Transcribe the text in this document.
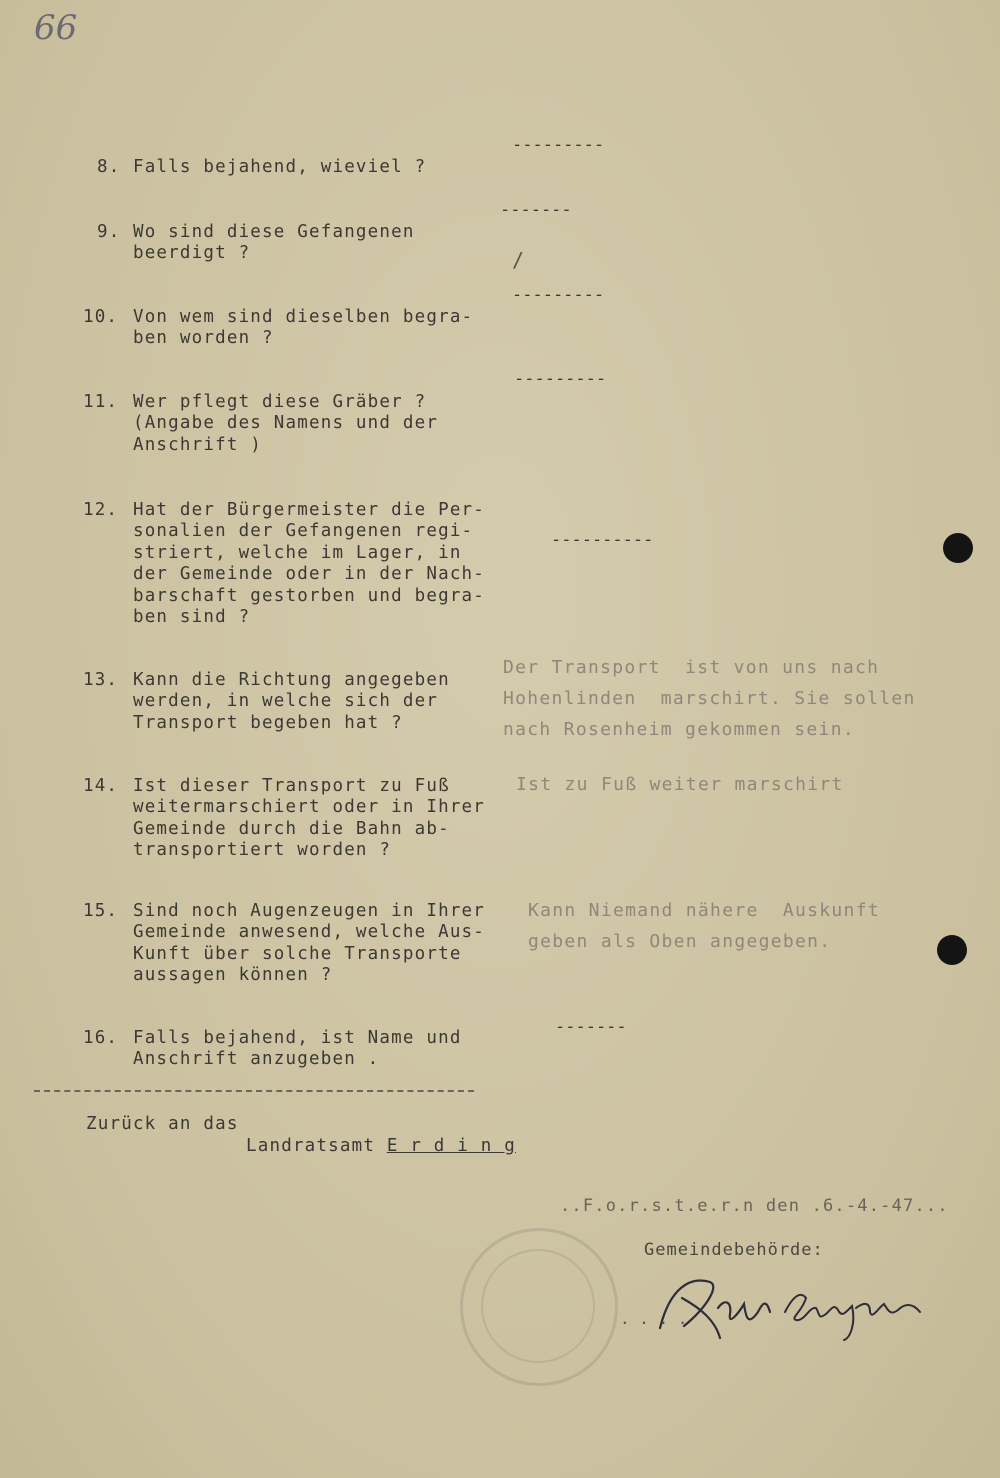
66

8. Falls bejahend, wieviel ?

---------

9. Wo sind diese Gefangenen
beerdigt ?

-------

10. Von wem sind dieselben begra-
ben worden ?

---------

11. Wer pflegt diese Gräber ?
(Angabe des Namens und der
Anschrift )

---------

12. Hat der Bürgermeister die Per-
sonalien der Gefangenen regi-
striert, welche im Lager, in
der Gemeinde oder in der Nach-
barschaft gestorben und begra-
ben sind ?

----------

13. Kann die Richtung angegeben
werden, in welche sich der
Transport begeben hat ?

Der Transport  ist von uns nach
Hohenlinden  marschirt. Sie sollen
nach Rosenheim gekommen sein.

14. Ist dieser Transport zu Fuß
weitermarschiert oder in Ihrer
Gemeinde durch die Bahn ab-
transportiert worden ?

Ist zu Fuß weiter marschirt

15. Sind noch Augenzeugen in Ihrer
Gemeinde anwesend, welche Aus-
Kunft über solche Transporte
aussagen können ?

Kann Niemand nähere  Auskunft
geben als Oben angegeben.

16. Falls bejahend, ist Name und
Anschrift anzugeben .

-------
Zurück an das
Landratsamt E r d i n g
..F.o.r.s.t.e.r.n den .6.-4.-47...
Gemeindebehörde:
. . . .
/
